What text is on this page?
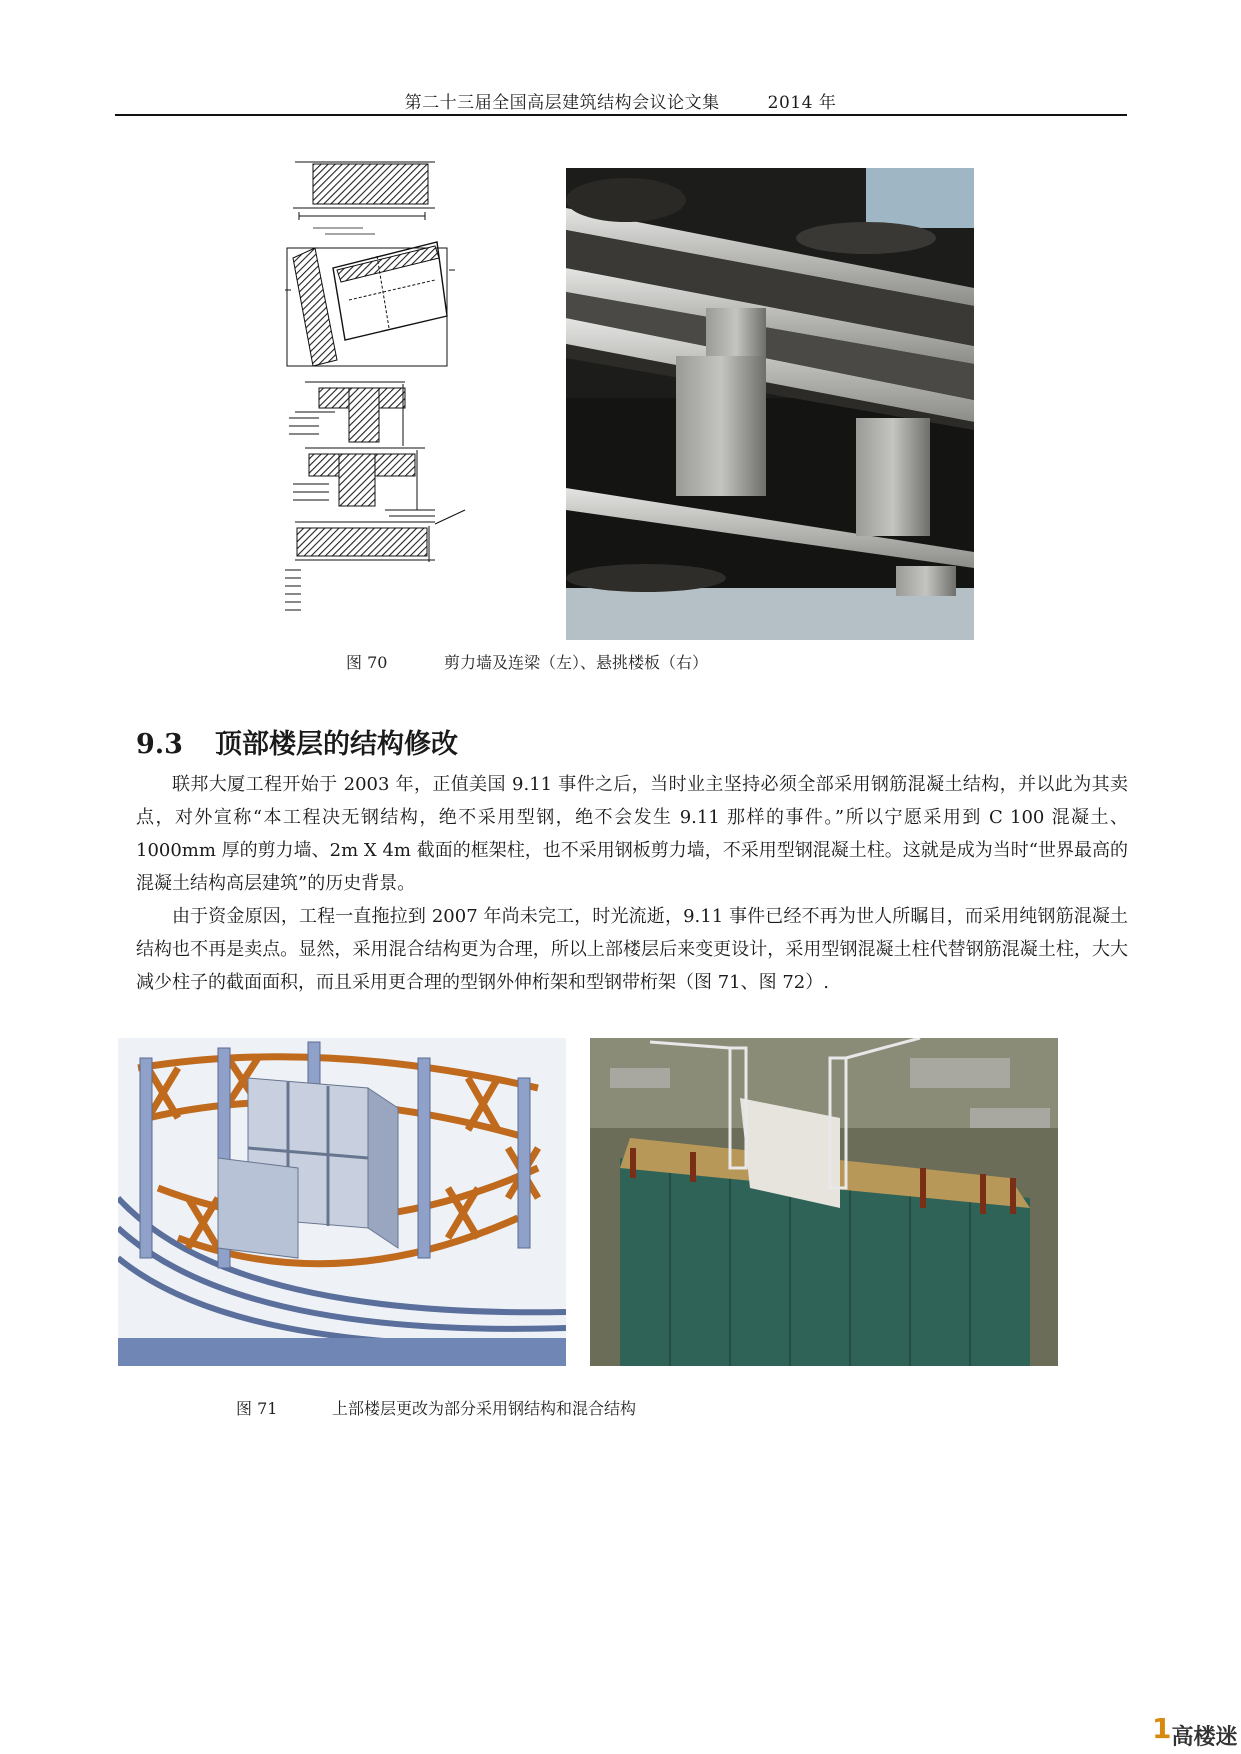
第二十三届全国高层建筑结构会议论文集	2014 年
图 70	剪力墙及连梁（左）、悬挑楼板（右）
9.3 顶部楼层的结构修改
联邦大厦工程开始于 2003 年，正值美国 9.11 事件之后，当时业主坚持必须全部采用钢筋混凝土结构，并以此为其卖点，对外宣称“本工程决无钢结构，绝不采用型钢，绝不会发生 9.11 那样的事件。”所以宁愿采用到 C 100 混凝土、1000mm 厚的剪力墙、2m X 4m 截面的框架柱，也不采用钢板剪力墙，不采用型钢混凝土柱。这就是成为当时“世界最高的混凝土结构高层建筑”的历史背景。
由于资金原因，工程一直拖拉到 2007 年尚未完工，时光流逝，9.11 事件已经不再为世人所瞩目，而采用纯钢筋混凝土结构也不再是卖点。显然，采用混合结构更为合理，所以上部楼层后来变更设计，采用型钢混凝土柱代替钢筋混凝土柱，大大减少柱子的截面面积，而且采用更合理的型钢外伸桁架和型钢带桁架（图 71、图 72）.
图 71	上部楼层更改为部分采用钢结构和混合结构
1高楼迷
